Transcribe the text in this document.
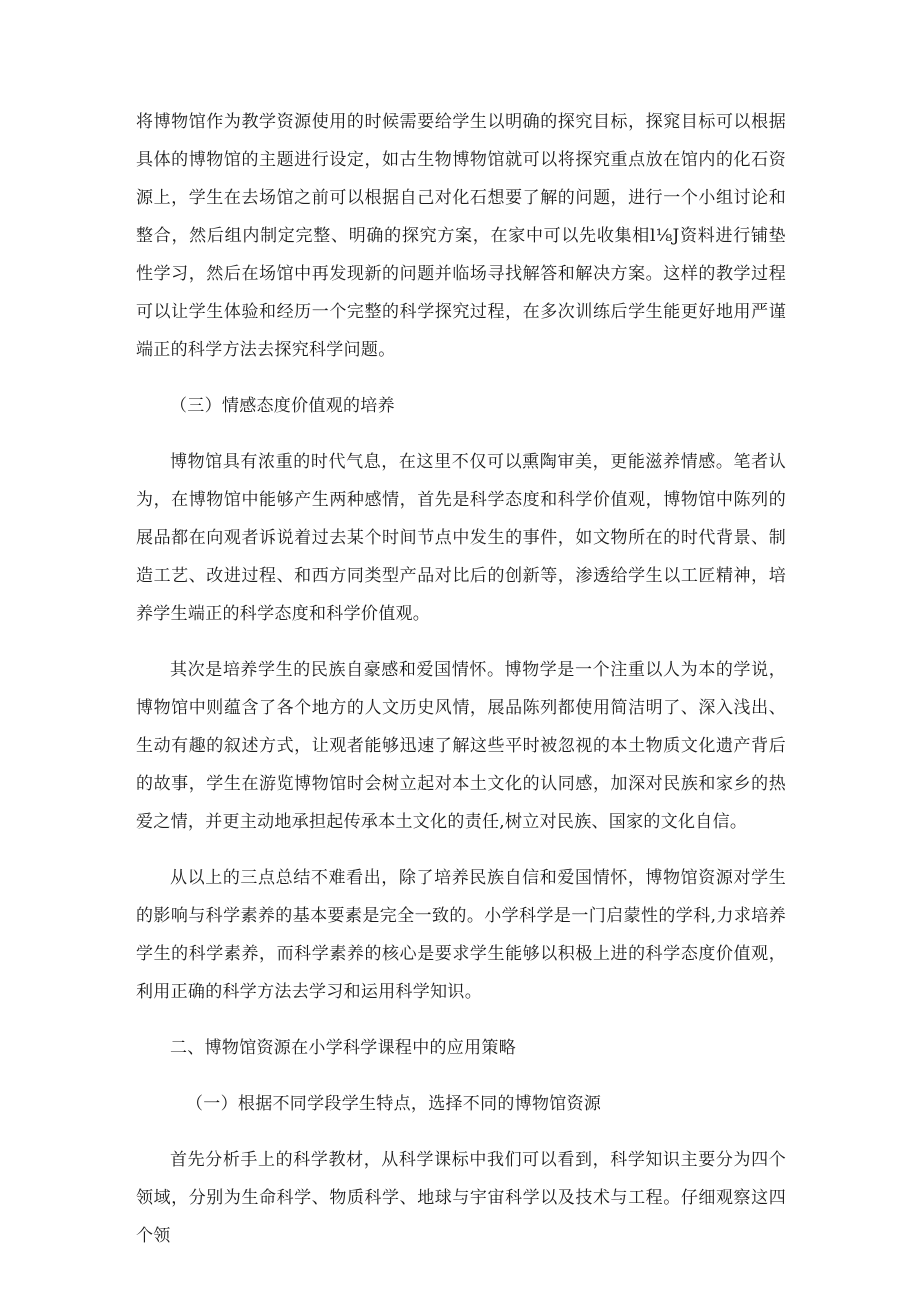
将博物馆作为教学资源使用的时候需要给学生以明确的探究目标，探窕目标可以根据具体的博物馆的主题进行设定，如古生物博物馆就可以将探究重点放在馆内的化石资源上，学生在去场馆之前可以根据自己对化石想要了解的问题，进行一个小组讨论和整合，然后组内制定完整、明确的探究方案，在家中可以先收集相l⅛J资料进行铺垫性学习，然后在场馆中再发现新的问题并临场寻找解答和解决方案。这样的教学过程可以让学生体验和经历一个完整的科学探究过程，在多次训练后学生能更好地用严谨端正的科学方法去探究科学问题。

（三）情感态度价值观的培养

博物馆具有浓重的时代气息，在这里不仅可以熏陶审美，更能滋养情感。笔者认为，在博物馆中能够产生两种感情，首先是科学态度和科学价值观，博物馆中陈列的展品都在向观者诉说着过去某个时间节点中发生的事件，如文物所在的时代背景、制造工艺、改进过程、和西方同类型产品对比后的创新等，渗透给学生以工匠精神，培养学生端正的科学态度和科学价值观。

其次是培养学生的民族自豪感和爱国情怀。博物学是一个注重以人为本的学说，博物馆中则蕴含了各个地方的人文历史风情，展品陈列都使用简洁明了、深入浅出、生动有趣的叙述方式，让观者能够迅速了解这些平时被忽视的本土物质文化遗产背后的故事，学生在游览博物馆时会树立起对本土文化的认同感，加深对民族和家乡的热爱之情，并更主动地承担起传承本土文化的责任,树立对民族、国家的文化自信。

从以上的三点总结不难看出，除了培养民族自信和爱国情怀，博物馆资源对学生的影响与科学素养的基本要素是完全一致的。小学科学是一门启蒙性的学科,力求培养学生的科学素养，而科学素养的核心是要求学生能够以积极上进的科学态度价值观，利用正确的科学方法去学习和运用科学知识。

二、博物馆资源在小学科学课程中的应用策略

（一）根据不同学段学生特点，选择不同的博物馆资源

首先分析手上的科学教材，从科学课标中我们可以看到，科学知识主要分为四个领域，分别为生命科学、物质科学、地球与宇宙科学以及技术与工程。仔细观察这四个领
